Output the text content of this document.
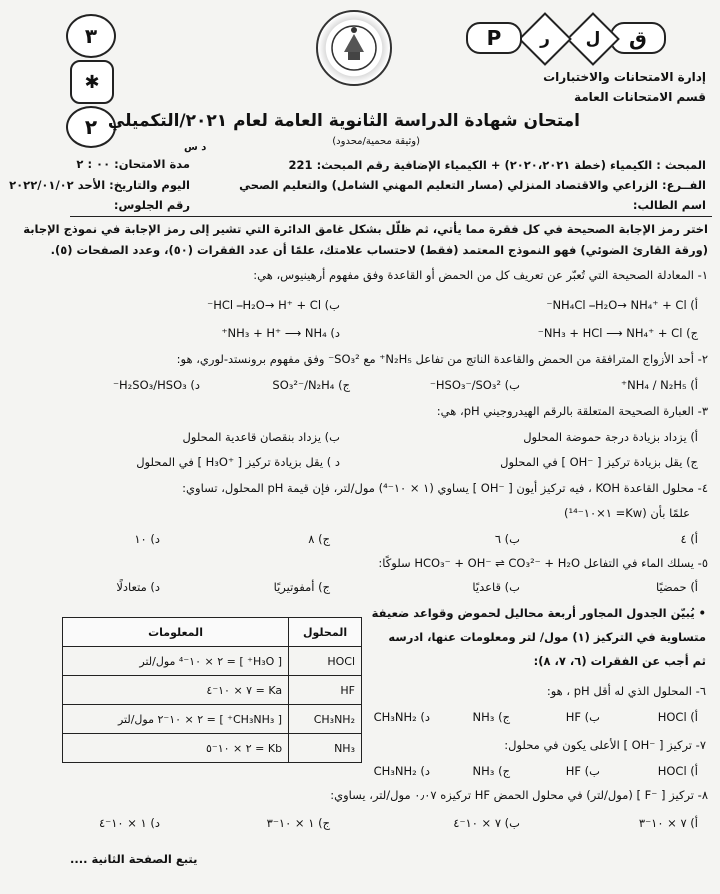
ق
ل
ر
P
٣
✱
٢
إدارة الامتحانات والاختبارات
قسم الامتحانات العامة
امتحان شهادة الدراسة الثانوية العامة لعام ٢٠٢١/التكميلي
(وثيقة محمية/محدود)
المبحث : الكيمياء (خطة ٢٠٢٠،٢٠٢١) + الكيمياء الإضافية رقم المبحث: 221
مدة الامتحان: ٠٠ : ٢
د س
الفــرع: الزراعي والاقتصاد المنزلي (مسار التعليم المهني الشامل) والتعليم الصحي
اليوم والتاريخ: الأحد ٢٠٢٢/٠١/٠٢
اسم الطالب:
رقم الجلوس:
اختر رمز الإجابة الصحيحة في كل فقرة مما يأتي، ثم ظلّل بشكل غامق الدائرة التي تشير إلى رمز الإجابة في نموذج الإجابة
(ورقة القارئ الضوئي) فهو النموذج المعتمد (فقط) لاحتساب علامتك، علمًا أن عدد الفقرات (٥٠)، وعدد الصفحات (٥).
١- المعادلة الصحيحة التي تُعبّر عن تعريف كل من الحمض أو القاعدة وفق مفهوم أرهينيوس، هي:
أ) NH₄Cl ⎯H₂O→ NH₄⁺ + Cl⁻
ب) HCl ⎯H₂O→ H⁺ + Cl⁻
ج) NH₃ + HCl ⟶ NH₄⁺ + Cl⁻
د) NH₃ + H⁺ ⟶ NH₄⁺
٢- أحد الأزواج المترافقة من الحمض والقاعدة الناتج من تفاعل N₂H₅⁺ مع SO₃²⁻ وفق مفهوم برونستد-لوري، هو:
أ) NH₄ / N₂H₅⁺
ب) HSO₃⁻/SO₃²⁻
ج) SO₃²⁻/N₂H₄
د) H₂SO₃/HSO₃⁻
٣- العبارة الصحيحة المتعلقة بالرقم الهيدروجيني pH، هي:
أ) يزداد بزيادة درجة حموضة المحلول
ب) يزداد بنقصان قاعدية المحلول
ج) يقل بزيادة تركيز [ ⁻OH ] في المحلول
د ) يقل بزيادة تركيز [ ⁺H₃O ] في المحلول
٤- محلول القاعدة KOH ، فيه تركيز أيون [ ⁻OH ] يساوي (١ × ١٠⁻⁴) مول/لتر، فإن قيمة pH المحلول، تساوي:
علمًا بأن (Kw= ١×١٠⁻¹⁴)
أ) ٤
ب) ٦
ج) ٨
د) ١٠
٥- يسلك الماء في التفاعل HCO₃⁻ + OH⁻ ⇌ CO₃²⁻ + H₂O سلوكًا:
أ) حمضيًا
ب) قاعديًا
ج) أمفوتيريًا
د) متعادلًا
• يُبيّن الجدول المجاور أربعة محاليل لحموض وقواعد ضعيفة
متساوية في التركيز (١) مول/ لتر ومعلومات عنها، ادرسه
ثم أجب عن الفقرات (٦، ٧، ٨):
المحلول	المعلومات
HOCl	[ H₃O⁺ ] = ٢ × ١٠⁻⁴ مول/لتر
HF	Ka = ٧ × ١٠⁻٤
CH₃NH₂	[ CH₃NH₃⁺ ] = ٢ × ١٠⁻٢ مول/لتر
NH₃	Kb = ٢ × ١٠⁻٥
٦- المحلول الذي له أقل pH ، هو:
أ) HOCl
ب) HF
ج) NH₃
د) CH₃NH₂
٧- تركيز [ ⁻OH ] الأعلى يكون في محلول:
أ) HOCl
ب) HF
ج) NH₃
د) CH₃NH₂
٨- تركيز [ ⁻F ] (مول/لتر) في محلول الحمض HF تركيزه ٠٫٠٧ مول/لتر، يساوي:
أ) ٧ × ١٠⁻٣
ب) ٧ × ١٠⁻٤
ج) ١ × ١٠⁻٣
د) ١ × ١٠⁻٤
يتبع الصفحة الثانية ....
